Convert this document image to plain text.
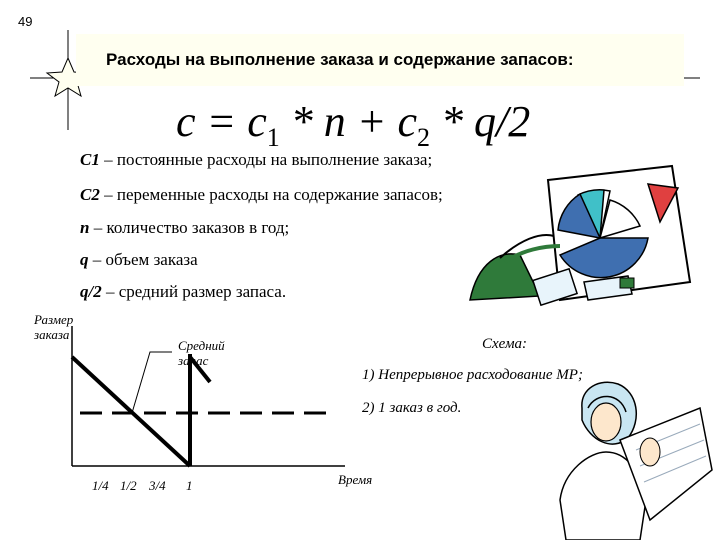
49
Расходы на выполнение заказа и содержание запасов:
$c = c_1 * n + c_2 * q/2$
C1 – постоянные расходы на выполнение заказа;
C2 – переменные расходы на содержание запасов;
n – количество заказов в год;
q – объем заказа
q/2 – средний размер запаса.
Размер
заказа
Средний
запас
1/4 1/2 3/4 1	Время
Схема:
1) Непрерывное расходование МР;
2) 1 заказ в год.
